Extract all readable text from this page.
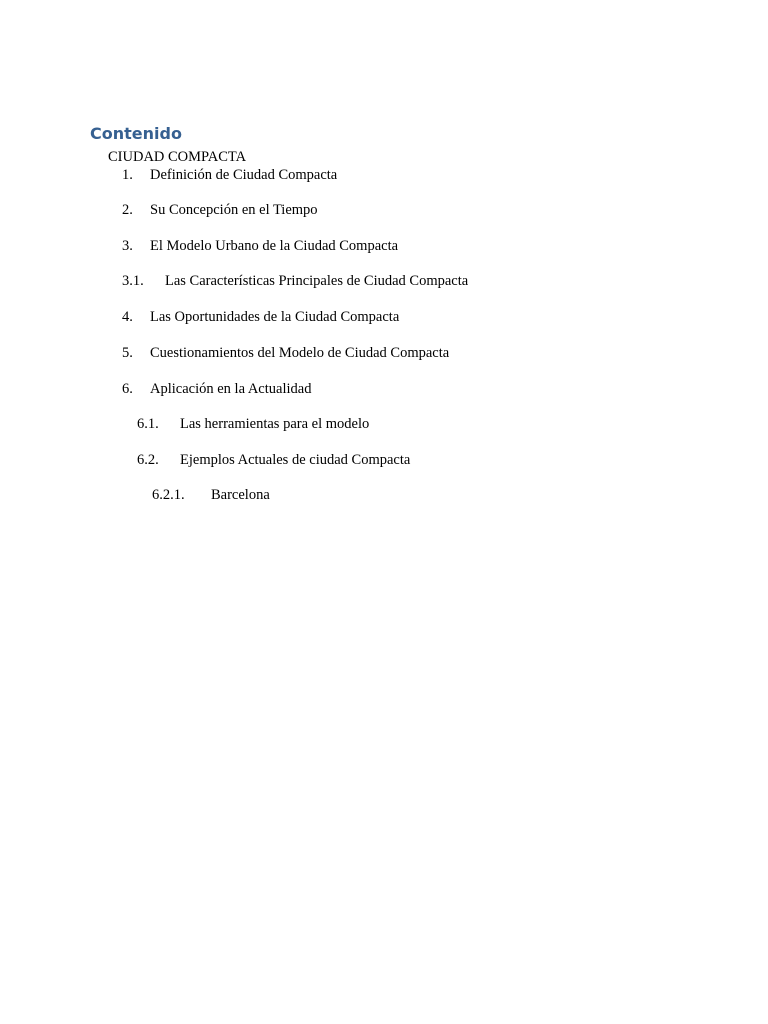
Contenido
CIUDAD COMPACTA
1. Definición de Ciudad Compacta
2. Su Concepción en el Tiempo
3. El Modelo Urbano de la Ciudad Compacta
3.1. Las Características Principales de Ciudad Compacta
4. Las Oportunidades de la Ciudad Compacta
5. Cuestionamientos del Modelo de Ciudad Compacta
6. Aplicación en la Actualidad
6.1. Las herramientas para el modelo
6.2. Ejemplos Actuales de ciudad Compacta
6.2.1. Barcelona
